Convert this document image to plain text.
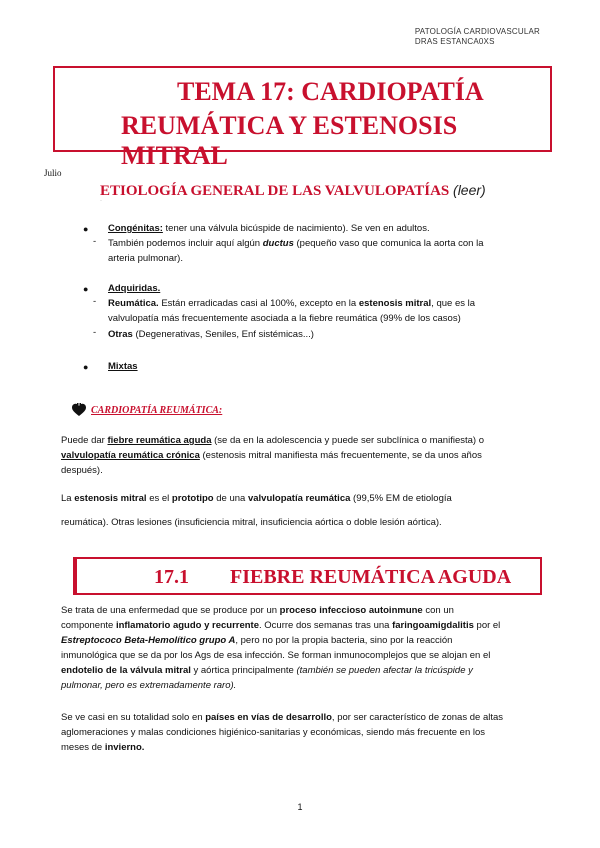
PATOLOGÍA CARDIOVASCULAR
DRAS ESTANCA0XS
TEMA 17: CARDIOPATÍA
REUMÁTICA Y ESTENOSIS MITRAL
Julio
ETIOLOGÍA GENERAL DE LAS VALVULOPATÍAS (leer)
·
● Congénitas: tener una válvula bicúspide de nacimiento). Se ven en adultos.
- También podemos incluir aquí algún ductus (pequeño vaso que comunica la aorta con la
arteria pulmonar).
● Adquiridas.
- Reumática. Están erradicadas casi al 100%, excepto en la estenosis mitral, que es la
valvulopatía más frecuentemente asociada a la fiebre reumática (99% de los casos)
- Otras (Degenerativas, Seniles, Enf sistémicas...)
● Mixtas
CARDIOPATÍA REUMÁTICA:
Puede dar fiebre reumática aguda (se da en la adolescencia y puede ser subclínica o manifiesta) o
valvulopatía reumática crónica (estenosis mitral manifiesta más frecuentemente, se da unos años
después).
La estenosis mitral es el prototipo de una valvulopatía reumática (99,5% EM de etiología
reumática). Otras lesiones (insuficiencia mitral, insuficiencia aórtica o doble lesión aórtica).
17.1 FIEBRE REUMÁTICA AGUDA
Se trata de una enfermedad que se produce por un proceso infeccioso autoinmune con un
componente inflamatorio agudo y recurrente. Ocurre dos semanas tras una faringoamigdalitis por el
Estreptococo Beta-Hemolítico grupo A, pero no por la propia bacteria, sino por la reacción
inmunológica que se da por los Ags de esa infección. Se forman inmunocomplejos que se alojan en el
endotelio de la válvula mitral y aórtica principalmente (también se pueden afectar la tricúspide y
pulmonar, pero es extremadamente raro).
Se ve casi en su totalidad solo en países en vías de desarrollo, por ser característico de zonas de altas
aglomeraciones y malas condiciones higiénico-sanitarias y económicas, siendo más frecuente en los
meses de invierno.
1
